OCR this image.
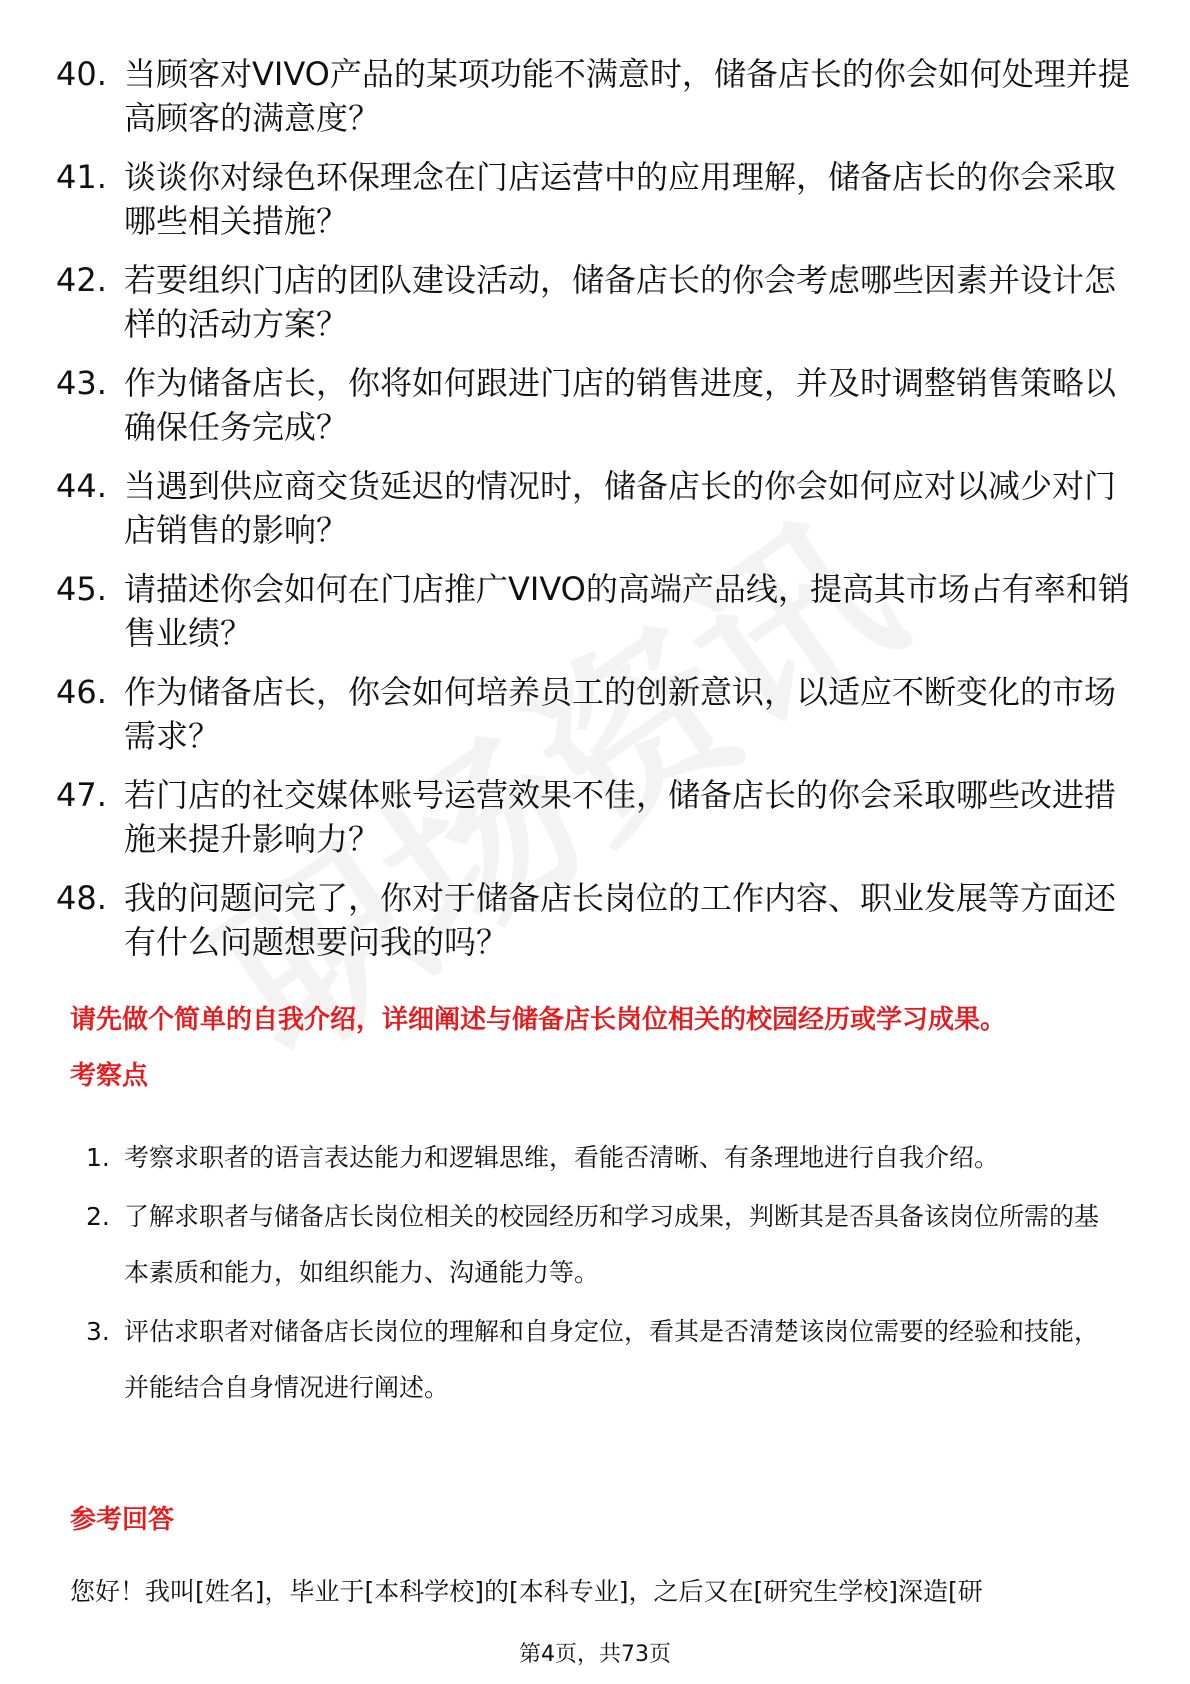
40. 当顾客对VIVO产品的某项功能不满意时，储备店长的你会如何处理并提高顾客的满意度？
41. 谈谈你对绿色环保理念在门店运营中的应用理解，储备店长的你会采取哪些相关措施？
42. 若要组织门店的团队建设活动，储备店长的你会考虑哪些因素并设计怎样的活动方案？
43. 作为储备店长，你将如何跟进门店的销售进度，并及时调整销售策略以确保任务完成？
44. 当遇到供应商交货延迟的情况时，储备店长的你会如何应对以减少对门店销售的影响？
45. 请描述你会如何在门店推广VIVO的高端产品线，提高其市场占有率和销售业绩？
46. 作为储备店长，你会如何培养员工的创新意识，以适应不断变化的市场需求？
47. 若门店的社交媒体账号运营效果不佳，储备店长的你会采取哪些改进措施来提升影响力？
48. 我的问题问完了，你对于储备店长岗位的工作内容、职业发展等方面还有什么问题想要问我的吗？
请先做个简单的自我介绍，详细阐述与储备店长岗位相关的校园经历或学习成果。
考察点
1. 考察求职者的语言表达能力和逻辑思维，看能否清晰、有条理地进行自我介绍。
2. 了解求职者与储备店长岗位相关的校园经历和学习成果，判断其是否具备该岗位所需的基本素质和能力，如组织能力、沟通能力等。
3. 评估求职者对储备店长岗位的理解和自身定位，看其是否清楚该岗位需要的经验和技能，并能结合自身情况进行阐述。
参考回答
您好！我叫[姓名]，毕业于[本科学校]的[本科专业]，之后又在[研究生学校]深造[研
第4页，共73页
